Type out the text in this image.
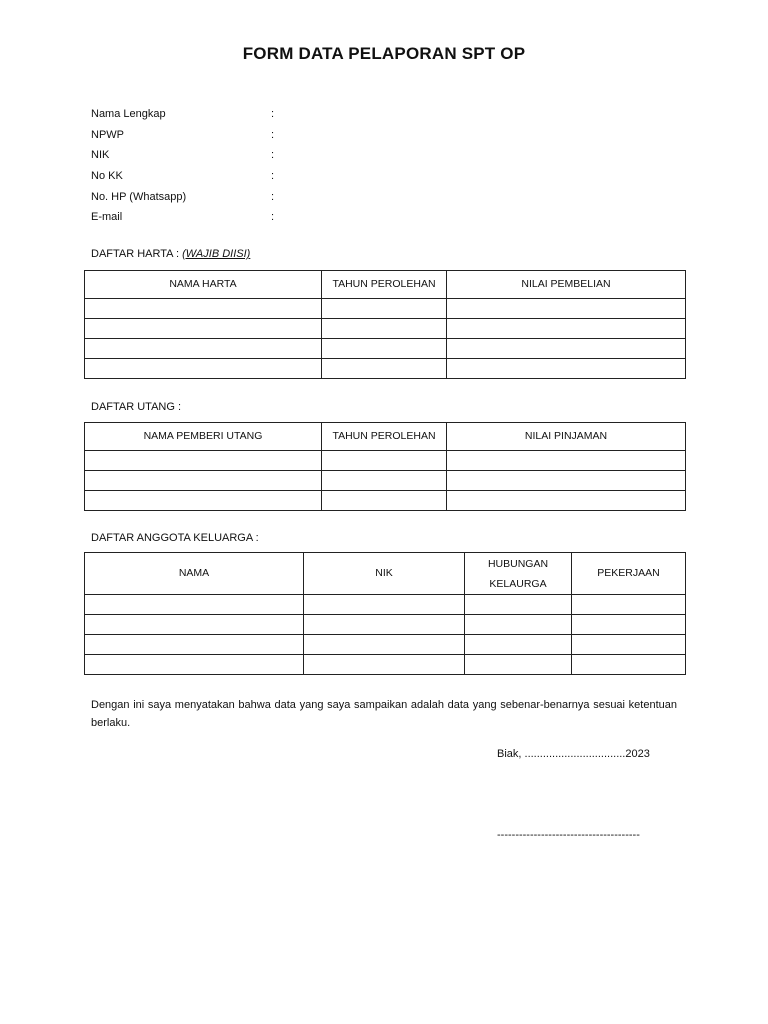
FORM DATA PELAPORAN SPT OP
Nama Lengkap	:
NPWP	:
NIK	:
No KK	:
No. HP (Whatsapp)	:
E-mail	:
DAFTAR HARTA : (WAJIB DIISI)
NAMA HARTA	TAHUN PEROLEHAN	NILAI PEMBELIAN

DAFTAR UTANG :
NAMA PEMBERI UTANG	TAHUN PEROLEHAN	NILAI PINJAMAN

DAFTAR ANGGOTA KELUARGA :
NAMA	NIK	HUBUNGAN KELAURGA	PEKERJAAN

Dengan ini saya menyatakan bahwa data yang saya sampaikan adalah data yang sebenar-benarnya sesuai ketentuan berlaku.
Biak, .................................2023
---------------------------------------
